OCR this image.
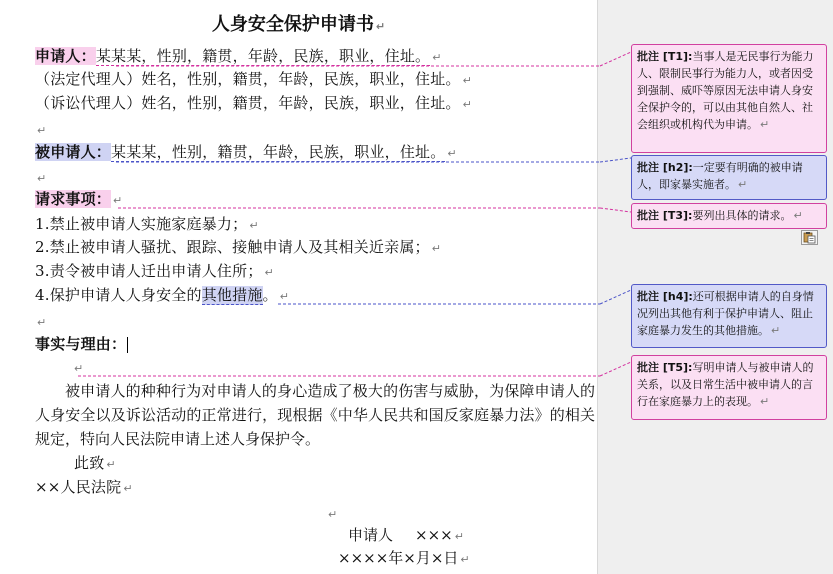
人身安全保护申请书 ↵
申请人：某某某，性别，籍贯，年龄，民族，职业，住址。 ↵
（法定代理人）姓名，性别，籍贯，年龄，民族，职业，住址。 ↵
（诉讼代理人）姓名，性别，籍贯，年龄，民族，职业，住址。 ↵
↵
被申请人：某某某，性别，籍贯，年龄，民族，职业，住址。 ↵
↵
请求事项： ↵
1.禁止被申请人实施家庭暴力； ↵
2.禁止被申请人骚扰、跟踪、接触申请人及其相关近亲属； ↵
3.责令被申请人迁出申请人住所； ↵
4.保护申请人人身安全的其他措施。 ↵
↵
事实与理由：
↵
被申请人的种种行为对申请人的身心造成了极大的伤害与威胁，为保障申请人的人身安全以及诉讼活动的正常进行，现根据《中华人民共和国反家庭暴力法》的相关规定，特向人民法院申请上述人身保护令。
此致 ↵
××人民法院 ↵
↵
申请人 ××× ↵
××××年×月×日 ↵
批注 [T1]:当事人是无民事行为能力人、限制民事行为能力人，或者因受到强制、威吓等原因无法申请人身安全保护令的，可以由其他自然人、社会组织或机构代为申请。 ↵
批注 [h2]:一定要有明确的被申请人，即家暴实施者。 ↵
批注 [T3]:要列出具体的请求。 ↵
批注 [h4]:还可根据申请人的自身情况列出其他有利于保护申请人、阻止家庭暴力发生的其他措施。 ↵
批注 [T5]:写明申请人与被申请人的关系，以及日常生活中被申请人的言行在家庭暴力上的表现。 ↵
